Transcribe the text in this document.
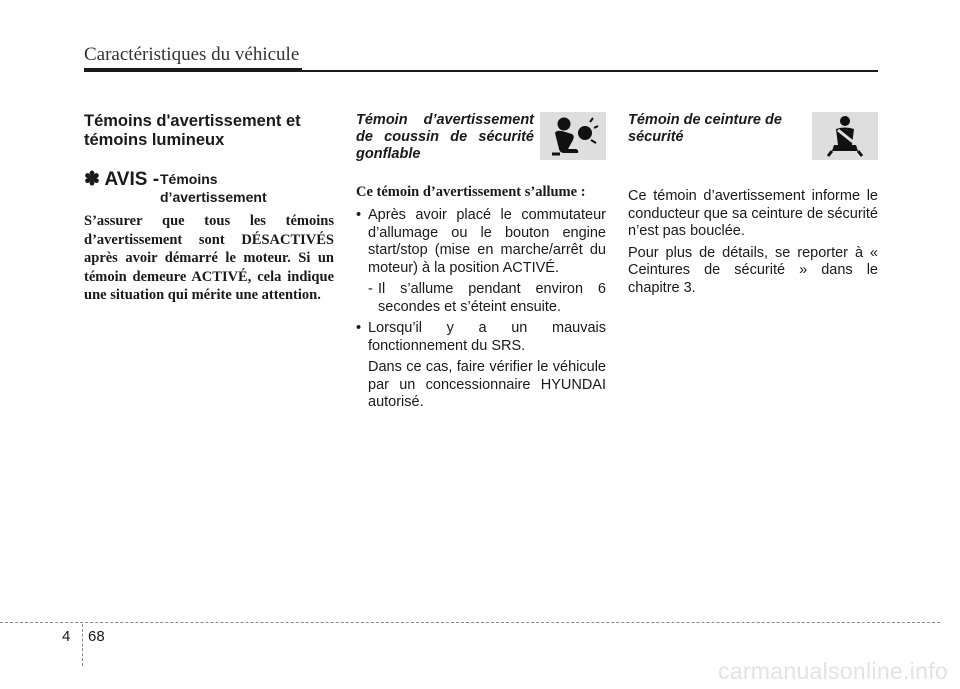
Caractéristiques du véhicule

Témoins d'avertissement et
témoins lumineux

✽ AVIS - Témoins
d’avertissement

S’assurer que tous les témoins d’avertissement sont DÉSACTIVÉS après avoir démarré le moteur. Si un témoin demeure ACTIVÉ, cela indique une situation qui mérite une attention.

Témoin d’avertissement de coussin de sécurité gonflable

Ce témoin d’avertissement s’allume :

• Après avoir placé le commutateur d’allumage ou le bouton engine start/stop (mise en marche/arrêt du moteur) à la position ACTIVÉ.

- Il s’allume pendant environ 6 secondes et s’éteint ensuite.

• Lorsqu’il y a un mauvais fonctionnement du SRS.

Dans ce cas, faire vérifier le véhicule par un concessionnaire HYUNDAI autorisé.

Témoin de ceinture de sécurité

Ce témoin d’avertissement informe le conducteur que sa ceinture de sécurité n’est pas bouclée.

Pour plus de détails, se reporter à « Ceintures de sécurité » dans le chapitre 3.

4 68
carmanualsonline.info
